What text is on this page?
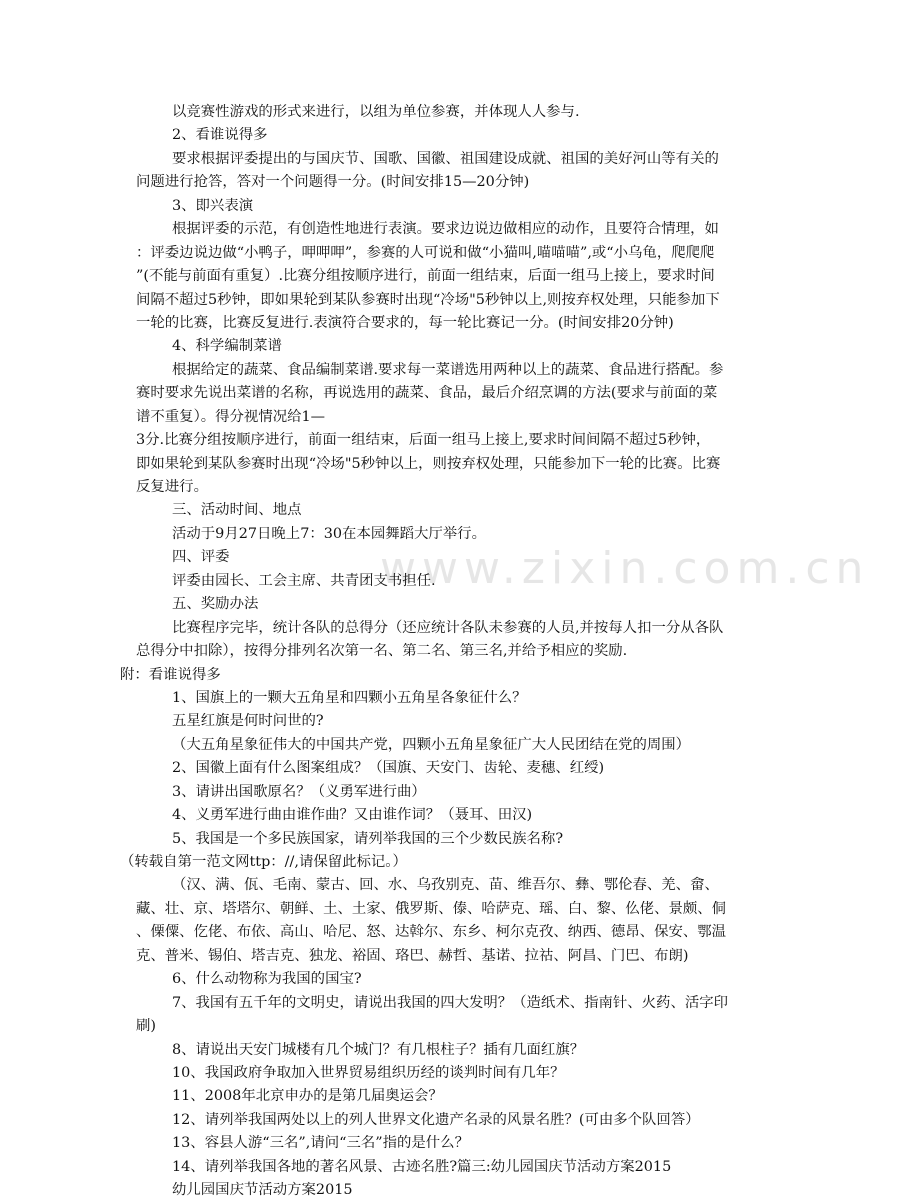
www.zixin.com.cn
以竞赛性游戏的形式来进行，以组为单位参赛，并体现人人参与.
2、看谁说得多
要求根据评委提出的与国庆节、国歌、国徽、祖国建设成就、祖国的美好河山等有关的
问题进行抢答，答对一个问题得一分。(时间安排15—20分钟)
3、即兴表演
根据评委的示范，有创造性地进行表演。要求边说边做相应的动作，且要符合情理，如
：评委边说边做“小鸭子，呷呷呷”，参赛的人可说和做“小猫叫,喵喵喵”,或“小乌龟，爬爬爬
”(不能与前面有重复）.比赛分组按顺序进行，前面一组结束，后面一组马上接上，要求时间
间隔不超过5秒钟，即如果轮到某队参赛时出现“冷场"5秒钟以上,则按弃权处理，只能参加下
一轮的比赛，比赛反复进行.表演符合要求的，每一轮比赛记一分。(时间安排20分钟)
4、科学编制菜谱
根据给定的蔬菜、食品编制菜谱.要求每一菜谱选用两种以上的蔬菜、食品进行搭配。参
赛时要求先说出菜谱的名称，再说选用的蔬菜、食品，最后介绍烹调的方法(要求与前面的菜
谱不重复）。得分视情况给1—
3分.比赛分组按顺序进行，前面一组结束，后面一组马上接上,要求时间间隔不超过5秒钟，
即如果轮到某队参赛时出现“冷场"5秒钟以上，则按弃权处理，只能参加下一轮的比赛。比赛
反复进行。
三、活动时间、地点
活动于9月27日晚上7：30在本园舞蹈大厅举行。
四、评委
评委由园长、工会主席、共青团支书担任.
五、奖励办法
比赛程序完毕，统计各队的总得分（还应统计各队未参赛的人员,并按每人扣一分从各队
总得分中扣除），按得分排列名次第一名、第二名、第三名,并给予相应的奖励.
附：看谁说得多
1、国旗上的一颗大五角星和四颗小五角星各象征什么？
五星红旗是何时问世的?
（大五角星象征伟大的中国共产党，四颗小五角星象征广大人民团结在党的周围）
2、国徽上面有什么图案组成？（国旗、天安门、齿轮、麦穗、红绶)
3、请讲出国歌原名？（义勇军进行曲）
4、义勇军进行曲由谁作曲？又由谁作词？（聂耳、田汉)
5、我国是一个多民族国家，请列举我国的三个少数民族名称?
（转载自第一范文网ttp：//,请保留此标记。）
（汉、满、佤、毛南、蒙古、回、水、乌孜别克、苗、维吾尔、彝、鄂伦春、羌、畲、
藏、壮、京、塔塔尔、朝鲜、土、土家、俄罗斯、傣、哈萨克、瑶、白、黎、仫佬、景颇、侗
、傈僳、仡佬、布依、高山、哈尼、怒、达斡尔、东乡、柯尔克孜、纳西、德昂、保安、鄂温
克、普米、锡伯、塔吉克、独龙、裕固、珞巴、赫哲、基诺、拉祜、阿昌、门巴、布朗)
6、什么动物称为我国的国宝?
7、我国有五千年的文明史，请说出我国的四大发明？（造纸术、指南针、火药、活字印
刷)
8、请说出天安门城楼有几个城门？有几根柱子？插有几面红旗？
10、我国政府争取加入世界贸易组织历经的谈判时间有几年？
11、2008年北京申办的是第几届奥运会？
12、请列举我国两处以上的列人世界文化遗产名录的风景名胜？(可由多个队回答）
13、容县人游“三名”,请问“三名”指的是什么？
14、请列举我国各地的著名风景、古迹名胜?篇三:幼儿园国庆节活动方案2015
幼儿园国庆节活动方案2015
